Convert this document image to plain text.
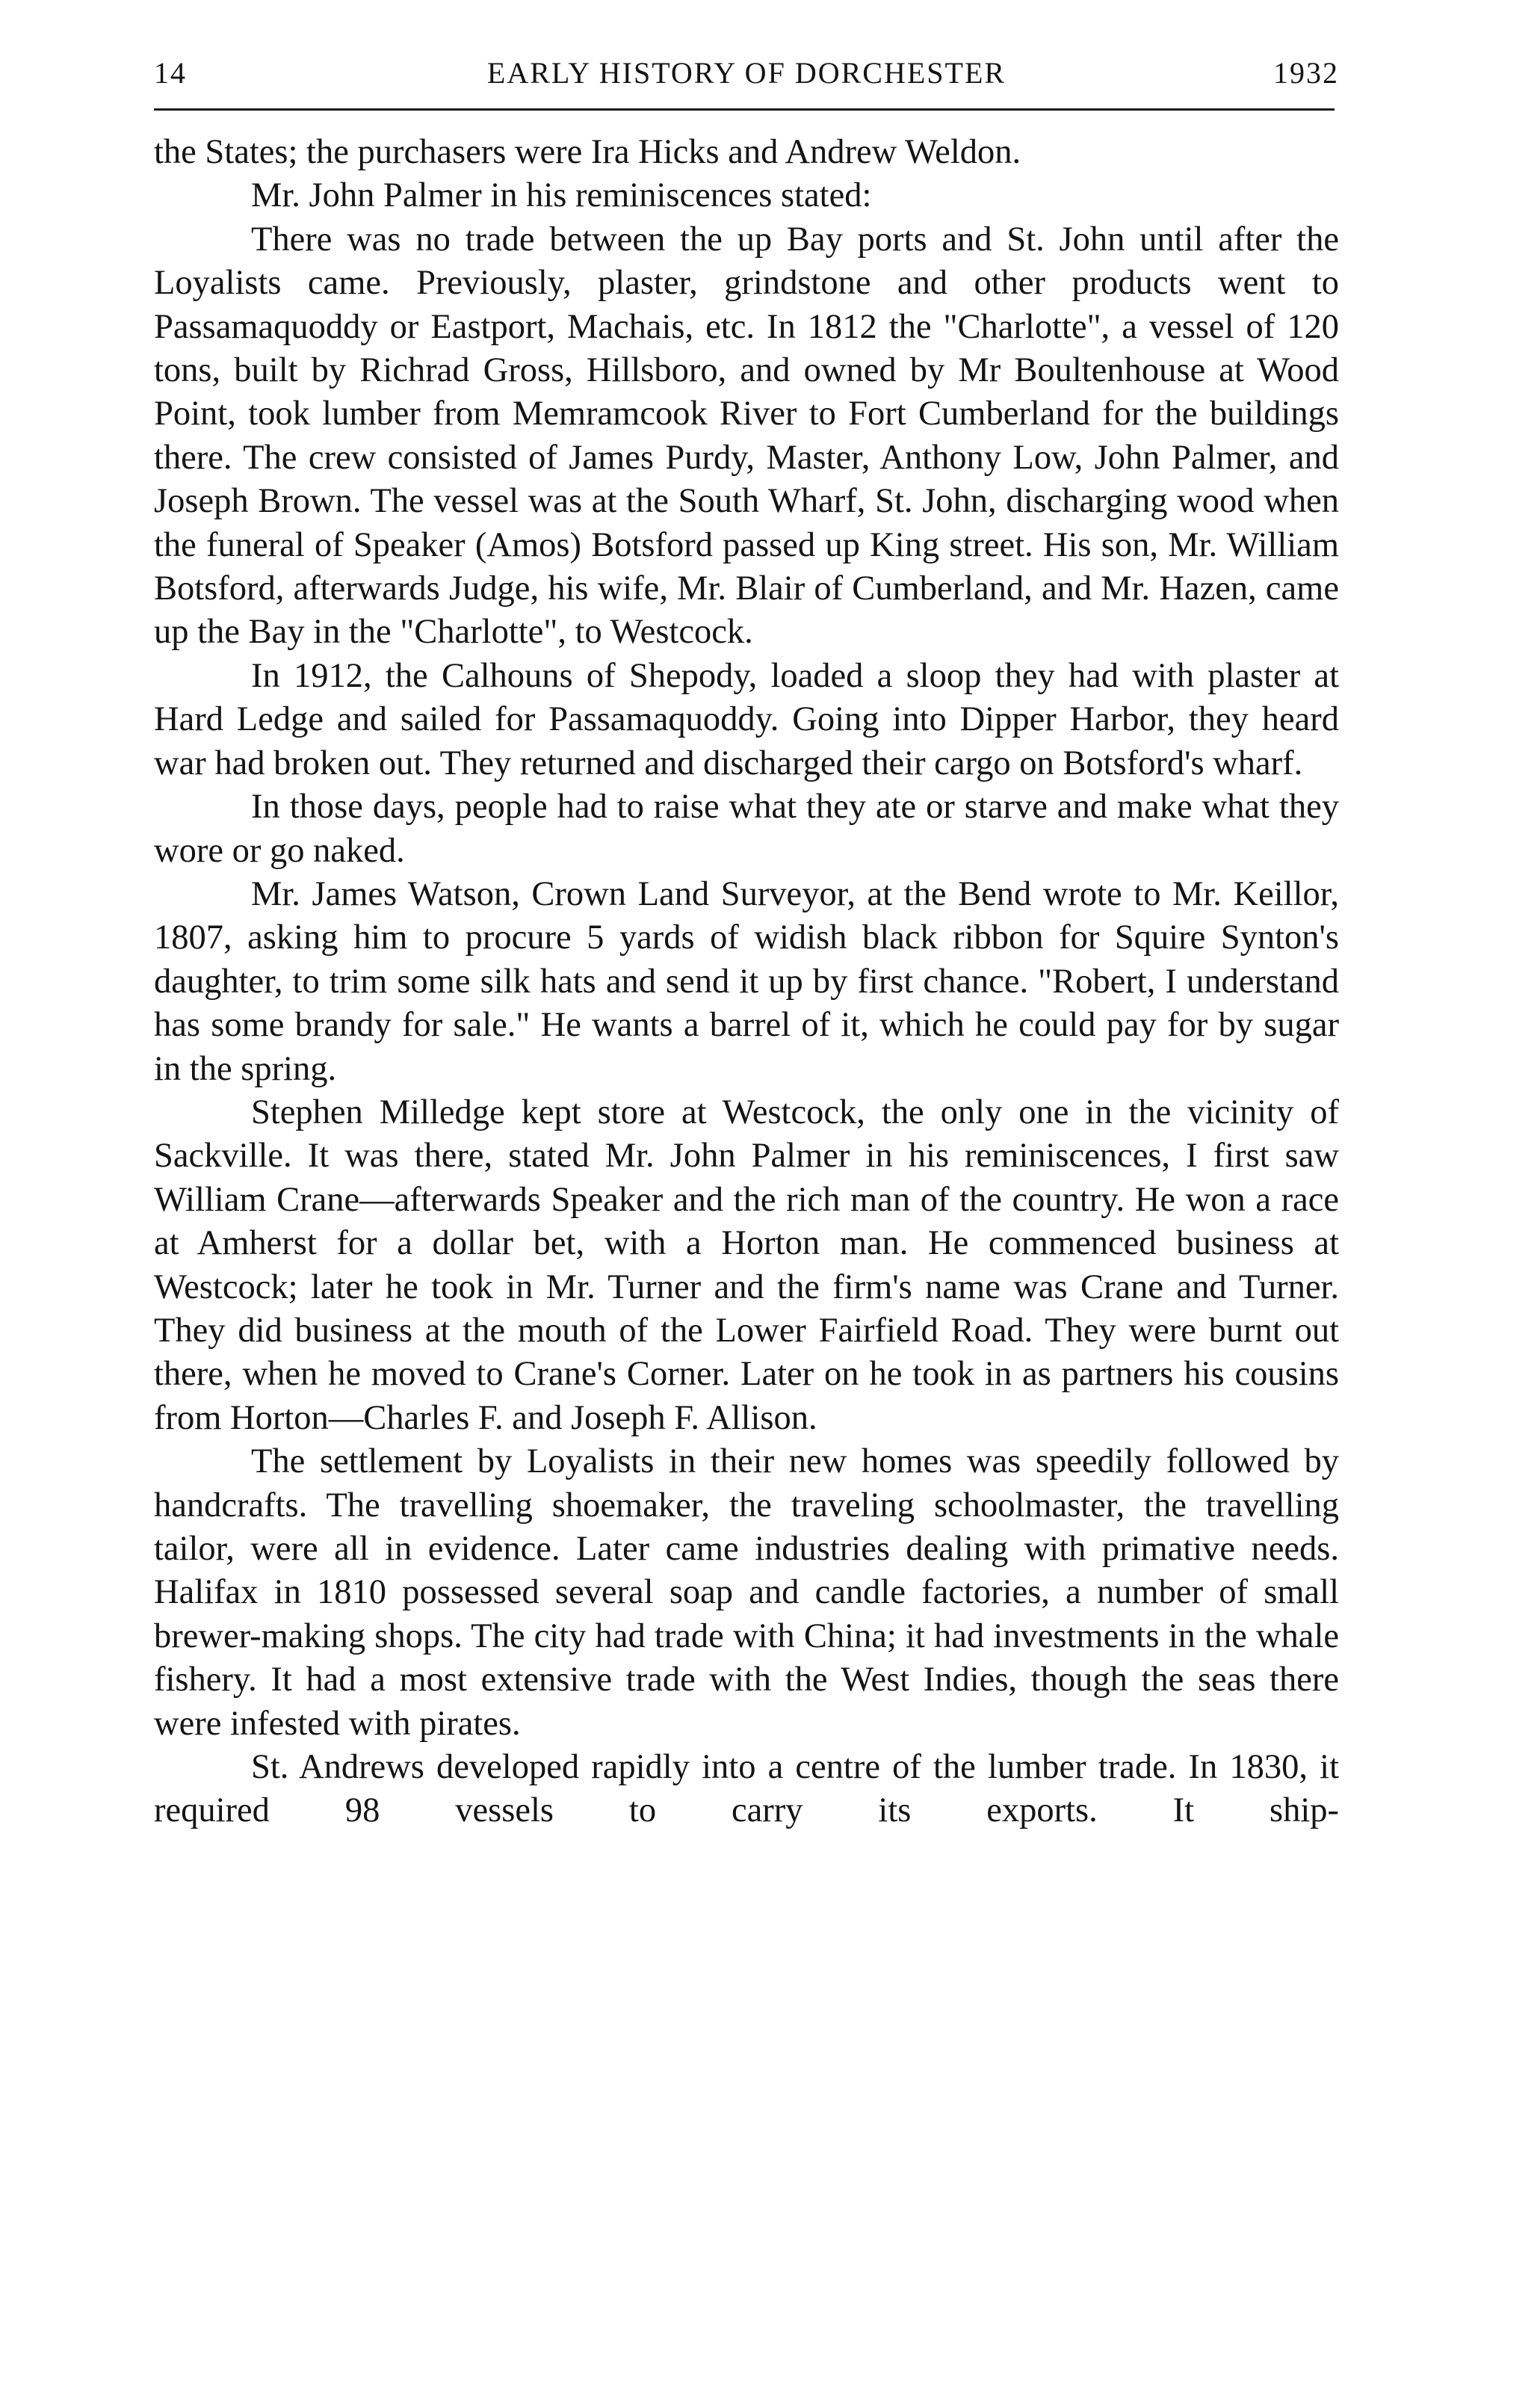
14	EARLY HISTORY OF DORCHESTER	1932

the States; the purchasers were Ira Hicks and Andrew Weldon.

Mr. John Palmer in his reminiscences stated:

There was no trade between the up Bay ports and St. John until after the Loyalists came. Previously, plaster, grindstone and other products went to Passamaquoddy or Eastport, Machais, etc. In 1812 the "Charlotte", a vessel of 120 tons, built by Richrad Gross, Hillsboro, and owned by Mr Boultenhouse at Wood Point, took lumber from Memramcook River to Fort Cumberland for the buildings there. The crew consisted of James Purdy, Master, Anthony Low, John Palmer, and Joseph Brown. The vessel was at the South Wharf, St. John, discharging wood when the funeral of Speaker (Amos) Botsford passed up King street. His son, Mr. William Botsford, afterwards Judge, his wife, Mr. Blair of Cumberland, and Mr. Hazen, came up the Bay in the "Charlotte", to Westcock.

In 1912, the Calhouns of Shepody, loaded a sloop they had with plaster at Hard Ledge and sailed for Passamaquoddy. Going into Dipper Harbor, they heard war had broken out. They returned and discharged their cargo on Botsford's wharf.

In those days, people had to raise what they ate or starve and make what they wore or go naked.

Mr. James Watson, Crown Land Surveyor, at the Bend wrote to Mr. Keillor, 1807, asking him to procure 5 yards of widish black ribbon for Squire Synton's daughter, to trim some silk hats and send it up by first chance. "Robert, I understand has some brandy for sale." He wants a barrel of it, which he could pay for by sugar in the spring.

Stephen Milledge kept store at Westcock, the only one in the vicinity of Sackville. It was there, stated Mr. John Palmer in his reminiscences, I first saw William Crane—afterwards Speaker and the rich man of the country. He won a race at Amherst for a dollar bet, with a Horton man. He commenced business at Westcock; later he took in Mr. Turner and the firm's name was Crane and Turner. They did business at the mouth of the Lower Fairfield Road. They were burnt out there, when he moved to Crane's Corner. Later on he took in as partners his cousins from Horton—Charles F. and Joseph F. Allison.

The settlement by Loyalists in their new homes was speedily followed by handcrafts. The travelling shoemaker, the traveling schoolmaster, the travelling tailor, were all in evidence. Later came industries dealing with primative needs. Halifax in 1810 possessed several soap and candle factories, a number of small brewer-making shops. The city had trade with China; it had investments in the whale fishery. It had a most extensive trade with the West Indies, though the seas there were infested with pirates.

St. Andrews developed rapidly into a centre of the lumber trade. In 1830, it required 98 vessels to carry its exports. It ship-
